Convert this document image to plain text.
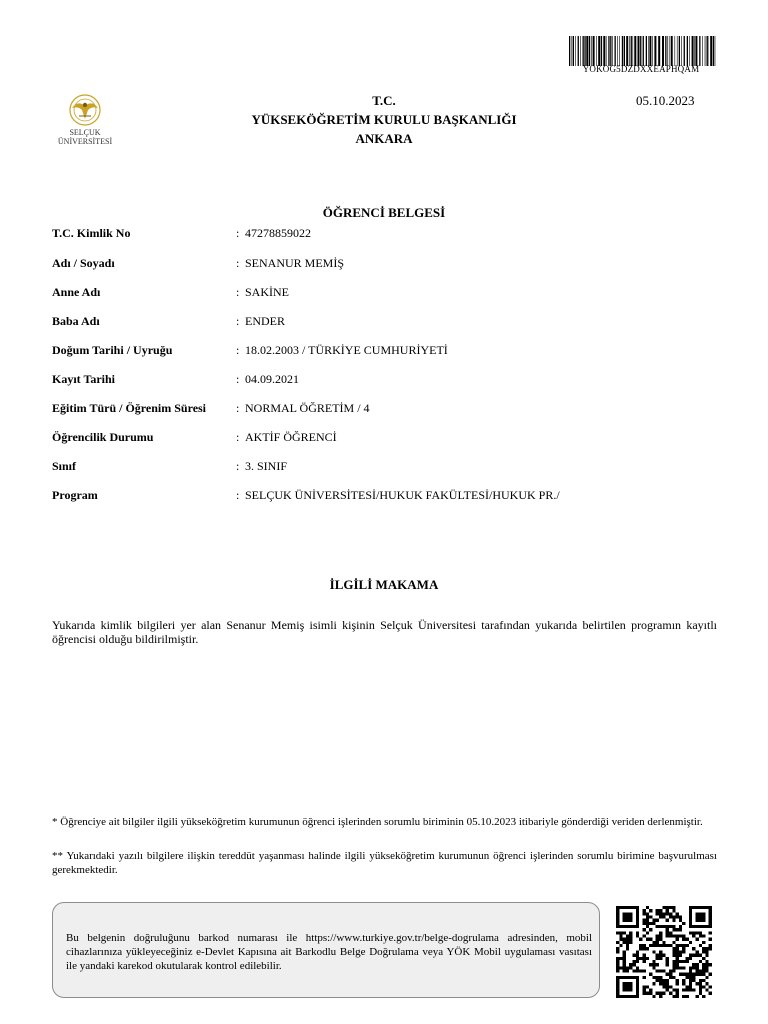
YOKOG5DZDXXEAPHQAM
05.10.2023
SELÇUK
ÜNİVERSİTESİ
T.C.
YÜKSEKÖĞRETİM KURULU BAŞKANLIĞI
ANKARA
ÖĞRENCİ BELGESİ
T.C. Kimlik No	: 47278859022
Adı / Soyadı	: SENANUR MEMİŞ
Anne Adı	: SAKİNE
Baba Adı	: ENDER
Doğum Tarihi / Uyruğu	: 18.02.2003 / TÜRKİYE CUMHURİYETİ
Kayıt Tarihi	: 04.09.2021
Eğitim Türü / Öğrenim Süresi	: NORMAL ÖĞRETİM / 4
Öğrencilik Durumu	: AKTİF ÖĞRENCİ
Sınıf	: 3. SINIF
Program	: SELÇUK ÜNİVERSİTESİ/HUKUK FAKÜLTESİ/HUKUK PR./
İLGİLİ MAKAMA
Yukarıda kimlik bilgileri yer alan Senanur Memiş isimli kişinin Selçuk Üniversitesi tarafından yukarıda belirtilen programın kayıtlı öğrencisi olduğu bildirilmiştir.
* Öğrenciye ait bilgiler ilgili yükseköğretim kurumunun öğrenci işlerinden sorumlu biriminin 05.10.2023 itibariyle gönderdiği veriden derlenmiştir.
** Yukarıdaki yazılı bilgilere ilişkin tereddüt yaşanması halinde ilgili yükseköğretim kurumunun öğrenci işlerinden sorumlu birimine başvurulması gerekmektedir.
Bu belgenin doğruluğunu barkod numarası ile https://www.turkiye.gov.tr/belge-dogrulama adresinden, mobil cihazlarınıza yükleyeceğiniz e-Devlet Kapısına ait Barkodlu Belge Doğrulama veya YÖK Mobil uygulaması vasıtası ile yandaki karekod okutularak kontrol edilebilir.
